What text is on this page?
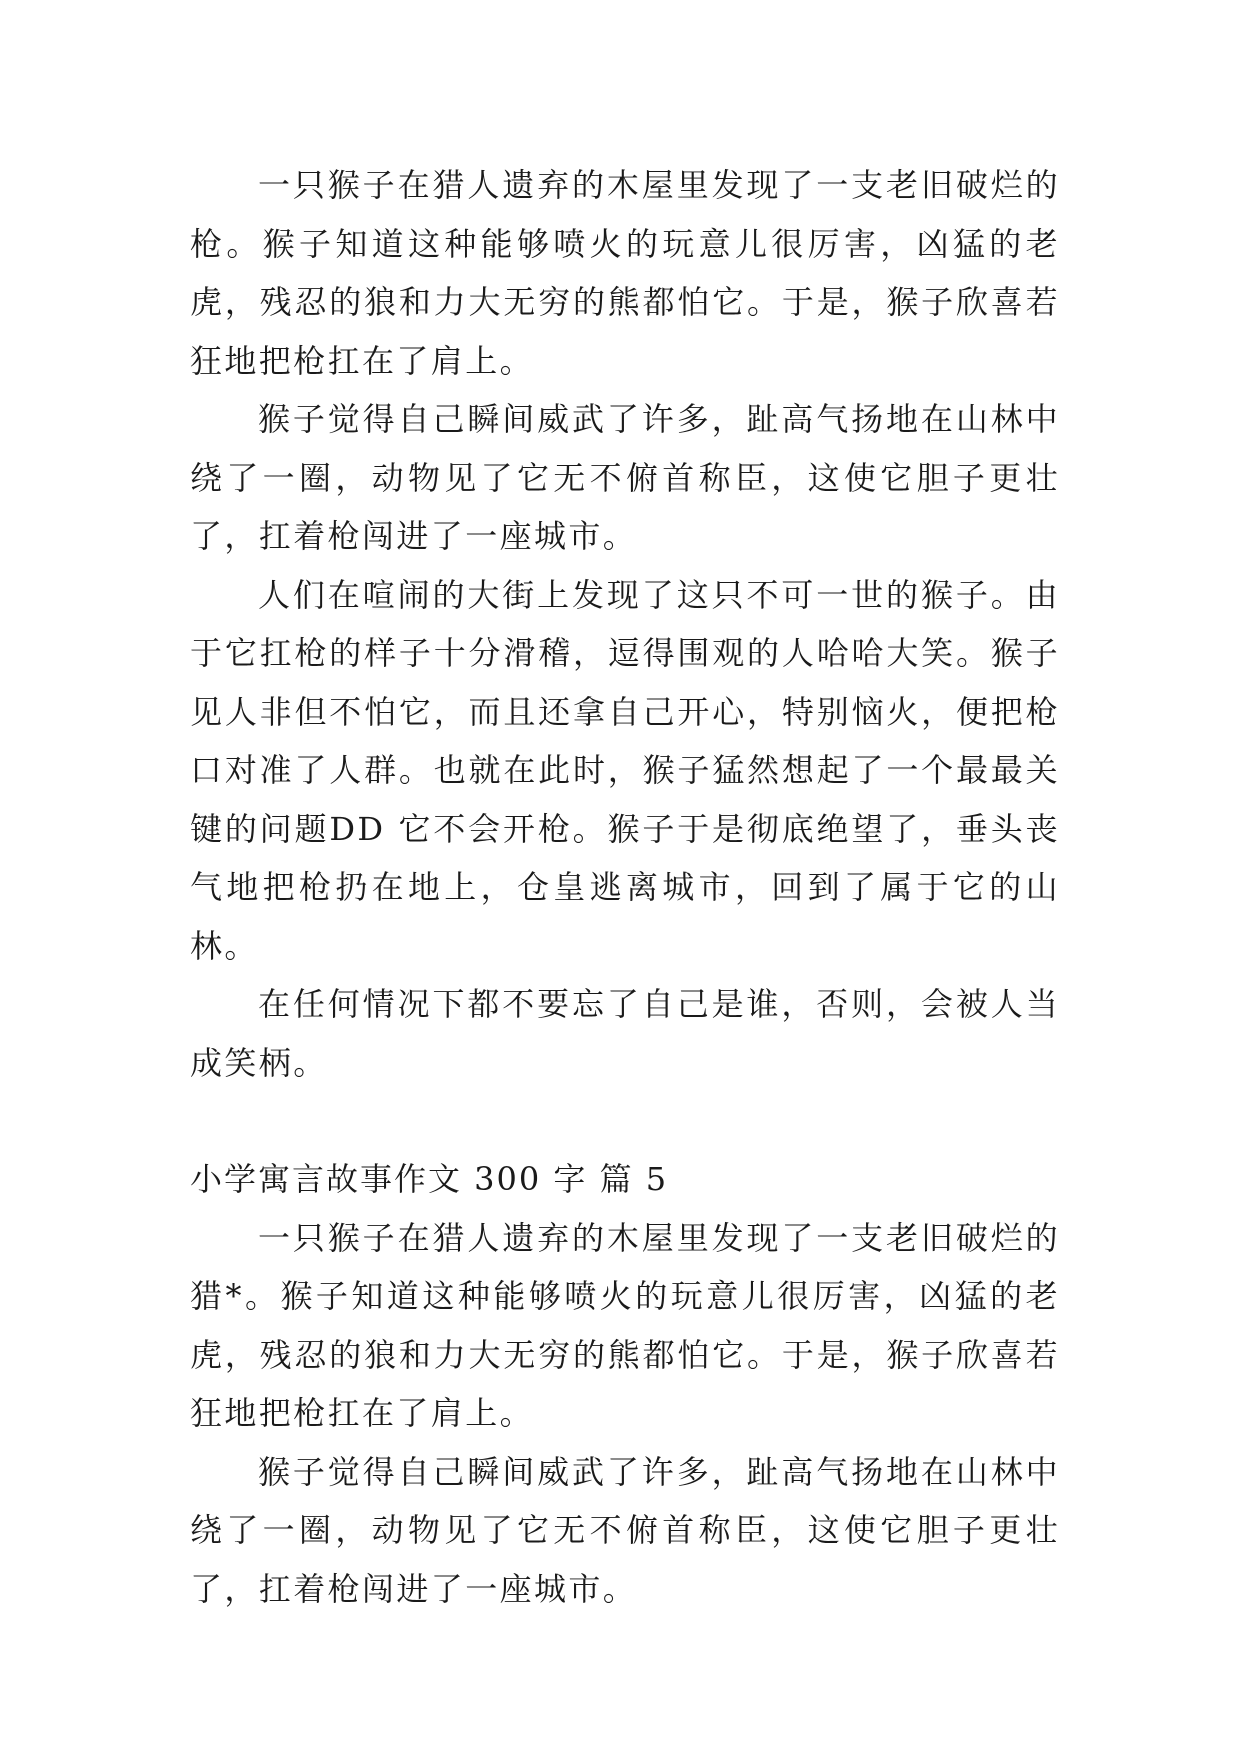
一只猴子在猎人遗弃的木屋里发现了一支老旧破烂的枪。猴子知道这种能够喷火的玩意儿很厉害，凶猛的老虎，残忍的狼和力大无穷的熊都怕它。于是，猴子欣喜若狂地把枪扛在了肩上。

猴子觉得自己瞬间威武了许多，趾高气扬地在山林中绕了一圈，动物见了它无不俯首称臣，这使它胆子更壮了，扛着枪闯进了一座城市。

人们在喧闹的大街上发现了这只不可一世的猴子。由于它扛枪的样子十分滑稽，逗得围观的人哈哈大笑。猴子见人非但不怕它，而且还拿自己开心，特别恼火，便把枪口对准了人群。也就在此时，猴子猛然想起了一个最最关键的问题DD 它不会开枪。猴子于是彻底绝望了，垂头丧气地把枪扔在地上，仓皇逃离城市，回到了属于它的山林。

在任何情况下都不要忘了自己是谁，否则，会被人当成笑柄。

小学寓言故事作文 300 字 篇 5

一只猴子在猎人遗弃的木屋里发现了一支老旧破烂的猎*。猴子知道这种能够喷火的玩意儿很厉害，凶猛的老虎，残忍的狼和力大无穷的熊都怕它。于是，猴子欣喜若狂地把枪扛在了肩上。

猴子觉得自己瞬间威武了许多，趾高气扬地在山林中绕了一圈，动物见了它无不俯首称臣，这使它胆子更壮了，扛着枪闯进了一座城市。
